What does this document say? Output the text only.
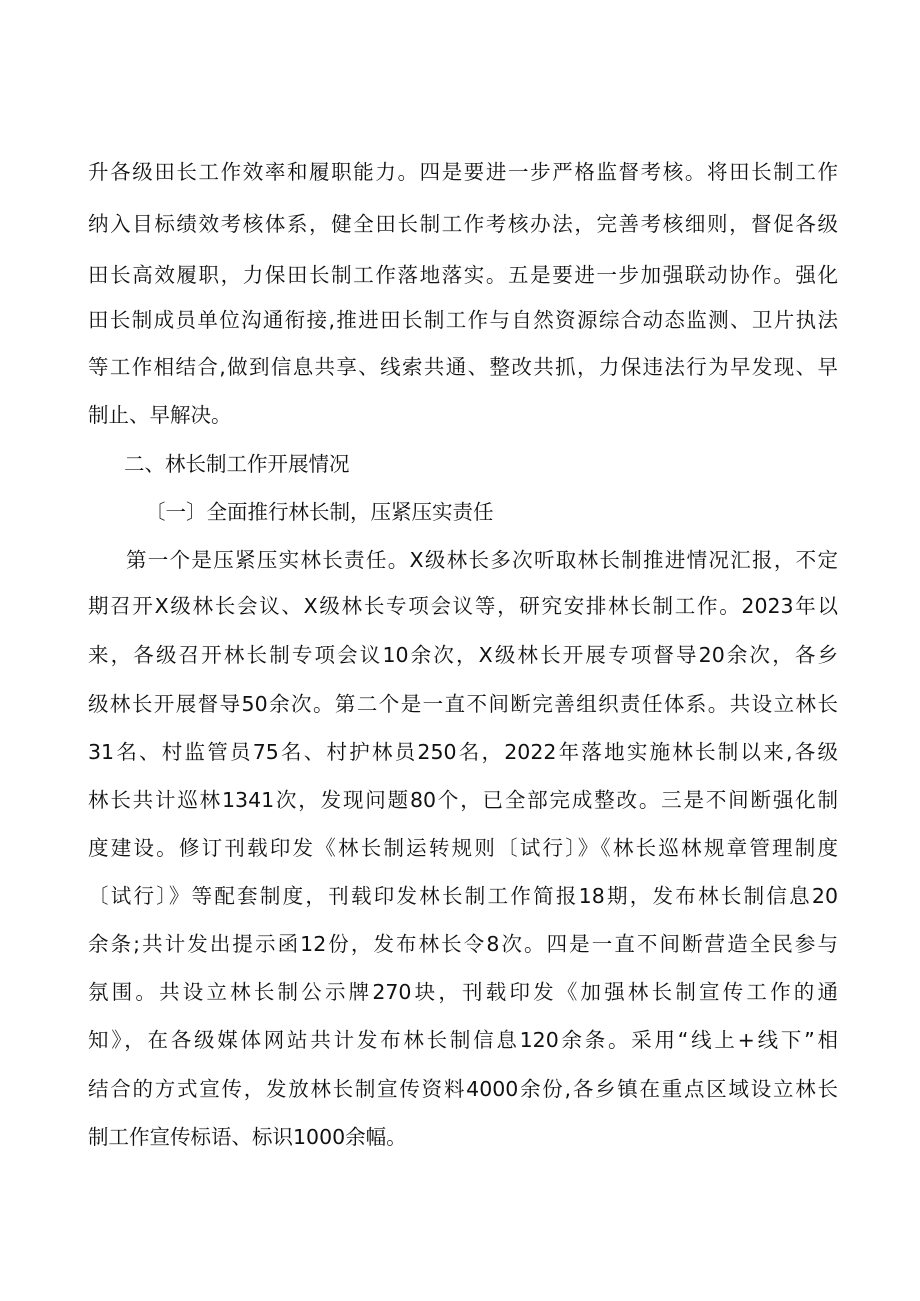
升各级田长工作效率和履职能力。四是要进一步严格监督考核。将田长制工作
纳入目标绩效考核体系，健全田长制工作考核办法，完善考核细则，督促各级
田长高效履职，力保田长制工作落地落实。五是要进一步加强联动协作。强化
田长制成员单位沟通衔接,推进田长制工作与自然资源综合动态监测、卫片执法
等工作相结合,做到信息共享、线索共通、整改共抓，力保违法行为早发现、早
制止、早解决。
二、林长制工作开展情况
〔一〕全面推行林长制，压紧压实责任
第一个是压紧压实林长责任。X级林长多次听取林长制推进情况汇报，不定
期召开X级林长会议、X级林长专项会议等，研究安排林长制工作。2023年以
来，各级召开林长制专项会议10余次，X级林长开展专项督导20余次，各乡
级林长开展督导50余次。第二个是一直不间断完善组织责任体系。共设立林长
31名、村监管员75名、村护林员250名，2022年落地实施林长制以来,各级
林长共计巡林1341次，发现问题80个，已全部完成整改。三是不间断强化制
度建设。修订刊载印发《林长制运转规则〔试行〕》《林长巡林规章管理制度
〔试行〕》等配套制度，刊载印发林长制工作简报18期，发布林长制信息20
余条;共计发出提示函12份，发布林长令8次。四是一直不间断营造全民参与
氛围。共设立林长制公示牌270块，刊载印发《加强林长制宣传工作的通
知》，在各级媒体网站共计发布林长制信息120余条。采用“线上+线下”相
结合的方式宣传，发放林长制宣传资料4000余份,各乡镇在重点区域设立林长
制工作宣传标语、标识1000余幅。
